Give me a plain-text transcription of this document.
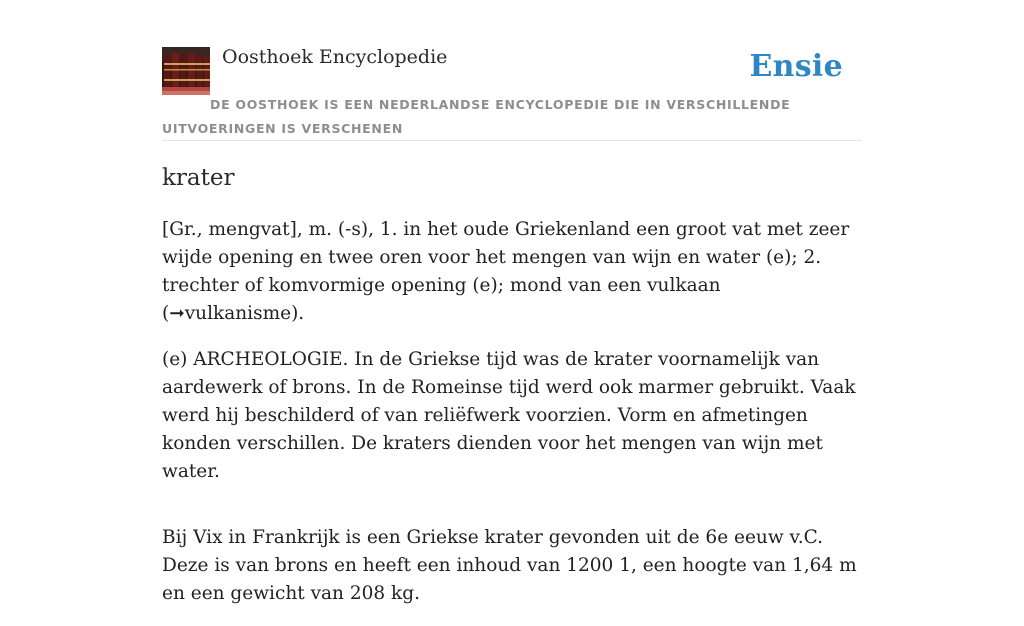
Oosthoek Encyclopedie	Ensie
DE OOSTHOEK IS EEN NEDERLANDSE ENCYCLOPEDIE DIE IN VERSCHILLENDE UITVOERINGEN IS VERSCHENEN
krater

[Gr., mengvat], m. (-s), 1. in het oude Griekenland een groot vat met zeer wijde opening en twee oren voor het mengen van wijn en water (e); 2. trechter of komvormige opening (e); mond van een vulkaan (➞vulkanisme).

(e) ARCHEOLOGIE. In de Griekse tijd was de krater voornamelijk van aardewerk of brons. In de Romeinse tijd werd ook marmer gebruikt. Vaak werd hij beschilderd of van reliëfwerk voorzien. Vorm en afmetingen konden verschillen. De kraters dienden voor het mengen van wijn met water.

Bij Vix in Frankrijk is een Griekse krater gevonden uit de 6e eeuw v.C. Deze is van brons en heeft een inhoud van 1200 1, een hoogte van 1,64 m en een gewicht van 208 kg.
